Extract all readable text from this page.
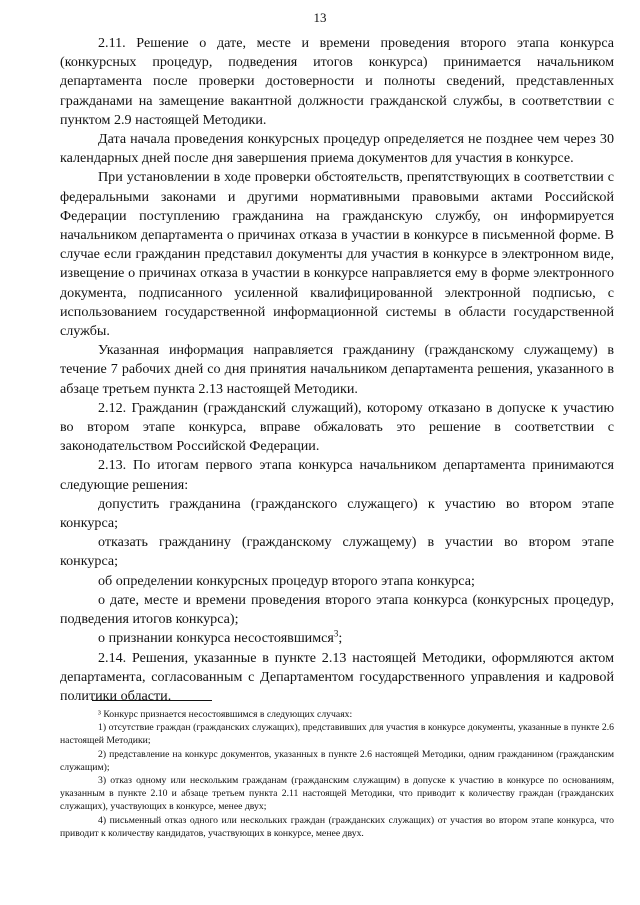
13

2.11. Решение о дате, месте и времени проведения второго этапа конкурса (конкурсных процедур, подведения итогов конкурса) принимается начальником департамента после проверки достоверности и полноты сведений, представленных гражданами на замещение вакантной должности гражданской службы, в соответствии с пунктом 2.9 настоящей Методики.

Дата начала проведения конкурсных процедур определяется не позднее чем через 30 календарных дней после дня завершения приема документов для участия в конкурсе.

При установлении в ходе проверки обстоятельств, препятствующих в соответствии с федеральными законами и другими нормативными правовыми актами Российской Федерации поступлению гражданина на гражданскую службу, он информируется начальником департамента о причинах отказа в участии в конкурсе в письменной форме. В случае если гражданин представил документы для участия в конкурсе в электронном виде, извещение о причинах отказа в участии в конкурсе направляется ему в форме электронного документа, подписанного усиленной квалифицированной электронной подписью, с использованием государственной информационной системы в области государственной службы.

Указанная информация направляется гражданину (гражданскому служащему) в течение 7 рабочих дней со дня принятия начальником департамента решения, указанного в абзаце третьем пункта 2.13 настоящей Методики.

2.12. Гражданин (гражданский служащий), которому отказано в допуске к участию во втором этапе конкурса, вправе обжаловать это решение в соответствии с законодательством Российской Федерации.

2.13. По итогам первого этапа конкурса начальником департамента принимаются следующие решения:

допустить гражданина (гражданского служащего) к участию во втором этапе конкурса;

отказать гражданину (гражданскому служащему) в участии во втором этапе конкурса;

об определении конкурсных процедур второго этапа конкурса;

о дате, месте и времени проведения второго этапа конкурса (конкурсных процедур, подведения итогов конкурса);

о признании конкурса несостоявшимся$^3$;

2.14. Решения, указанные в пункте 2.13 настоящей Методики, оформляются актом департамента, согласованным с Департаментом государственного управления и кадровой политики области.

³ Конкурс признается несостоявшимся в следующих случаях:

1) отсутствие граждан (гражданских служащих), представивших для участия в конкурсе документы, указанные в пункте 2.6 настоящей Методики;

2) представление на конкурс документов, указанных в пункте 2.6 настоящей Методики, одним гражданином (гражданским служащим);

3) отказ одному или нескольким гражданам (гражданским служащим) в допуске к участию в конкурсе по основаниям, указанным в пункте 2.10 и абзаце третьем пункта 2.11 настоящей Методики, что приводит к количеству граждан (гражданских служащих), участвующих в конкурсе, менее двух;

4) письменный отказ одного или нескольких граждан (гражданских служащих) от участия во втором этапе конкурса, что приводит к количеству кандидатов, участвующих в конкурсе, менее двух.
